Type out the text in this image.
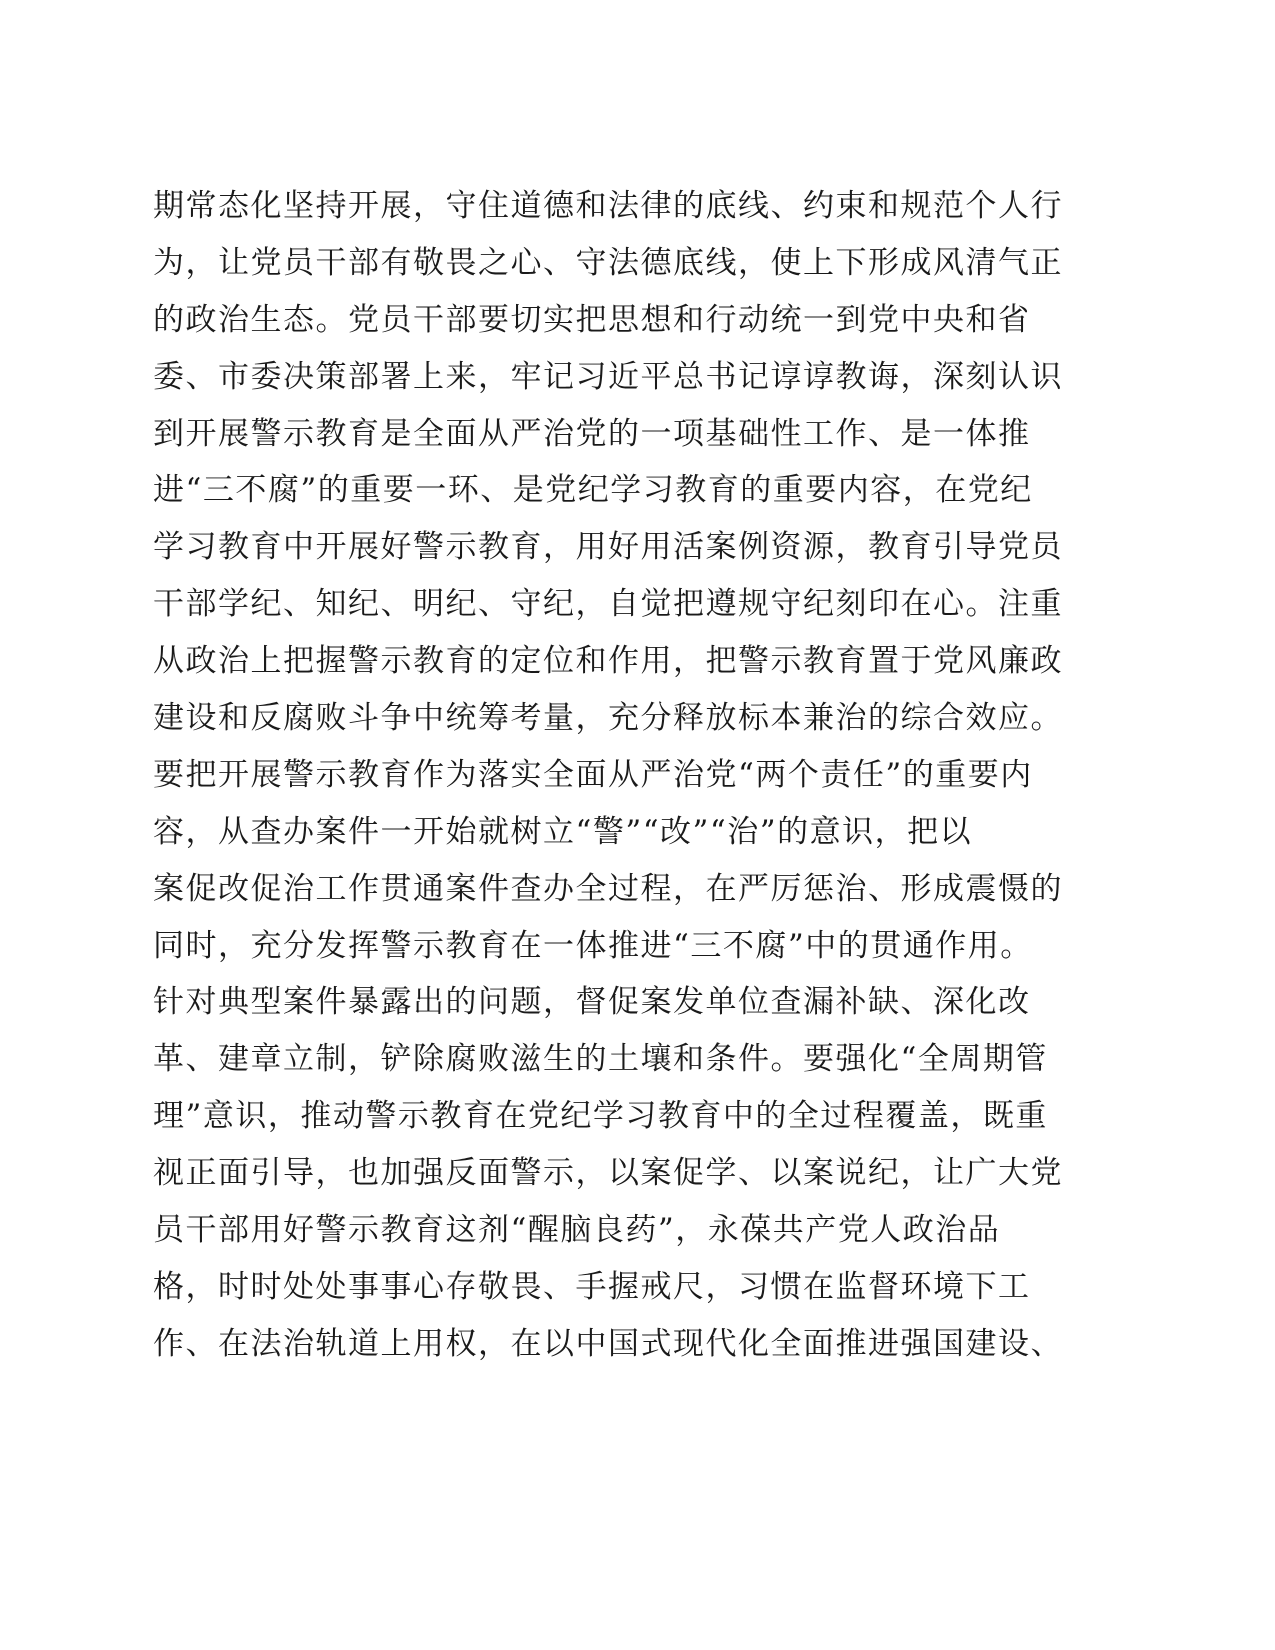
期常态化坚持开展，守住道德和法律的底线、约束和规范个人行
为，让党员干部有敬畏之心、守法德底线，使上下形成风清气正
的政治生态。党员干部要切实把思想和行动统一到党中央和省
委、市委决策部署上来，牢记习近平总书记谆谆教诲，深刻认识
到开展警示教育是全面从严治党的一项基础性工作、是一体推
进“三不腐”的重要一环、是党纪学习教育的重要内容，在党纪
学习教育中开展好警示教育，用好用活案例资源，教育引导党员
干部学纪、知纪、明纪、守纪，自觉把遵规守纪刻印在心。注重
从政治上把握警示教育的定位和作用，把警示教育置于党风廉政
建设和反腐败斗争中统筹考量，充分释放标本兼治的综合效应。
要把开展警示教育作为落实全面从严治党“两个责任”的重要内
容，从查办案件一开始就树立“警”“改”“治”的意识，把以
案促改促治工作贯通案件查办全过程，在严厉惩治、形成震慑的
同时，充分发挥警示教育在一体推进“三不腐”中的贯通作用。
针对典型案件暴露出的问题，督促案发单位查漏补缺、深化改
革、建章立制，铲除腐败滋生的土壤和条件。要强化“全周期管
理”意识，推动警示教育在党纪学习教育中的全过程覆盖，既重
视正面引导，也加强反面警示，以案促学、以案说纪，让广大党
员干部用好警示教育这剂“醒脑良药”，永葆共产党人政治品
格，时时处处事事心存敬畏、手握戒尺，习惯在监督环境下工
作、在法治轨道上用权，在以中国式现代化全面推进强国建设、
